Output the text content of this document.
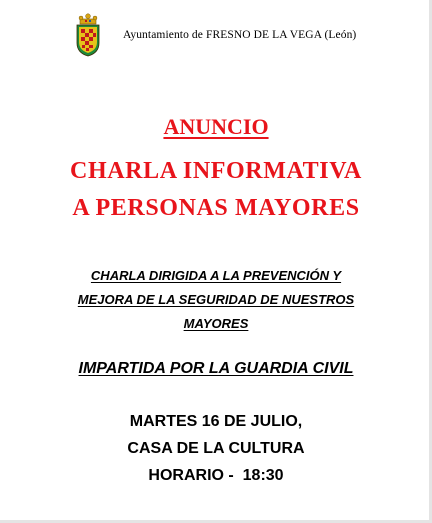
Ayuntamiento de FRESNO DE LA VEGA (León)
ANUNCIO
CHARLA INFORMATIVA
A PERSONAS MAYORES
CHARLA DIRIGIDA A LA PREVENCIÓN Y
MEJORA DE LA SEGURIDAD DE NUESTROS
MAYORES
IMPARTIDA POR LA GUARDIA CIVIL
MARTES 16 DE JULIO,
CASA DE LA CULTURA
HORARIO -  18:30
